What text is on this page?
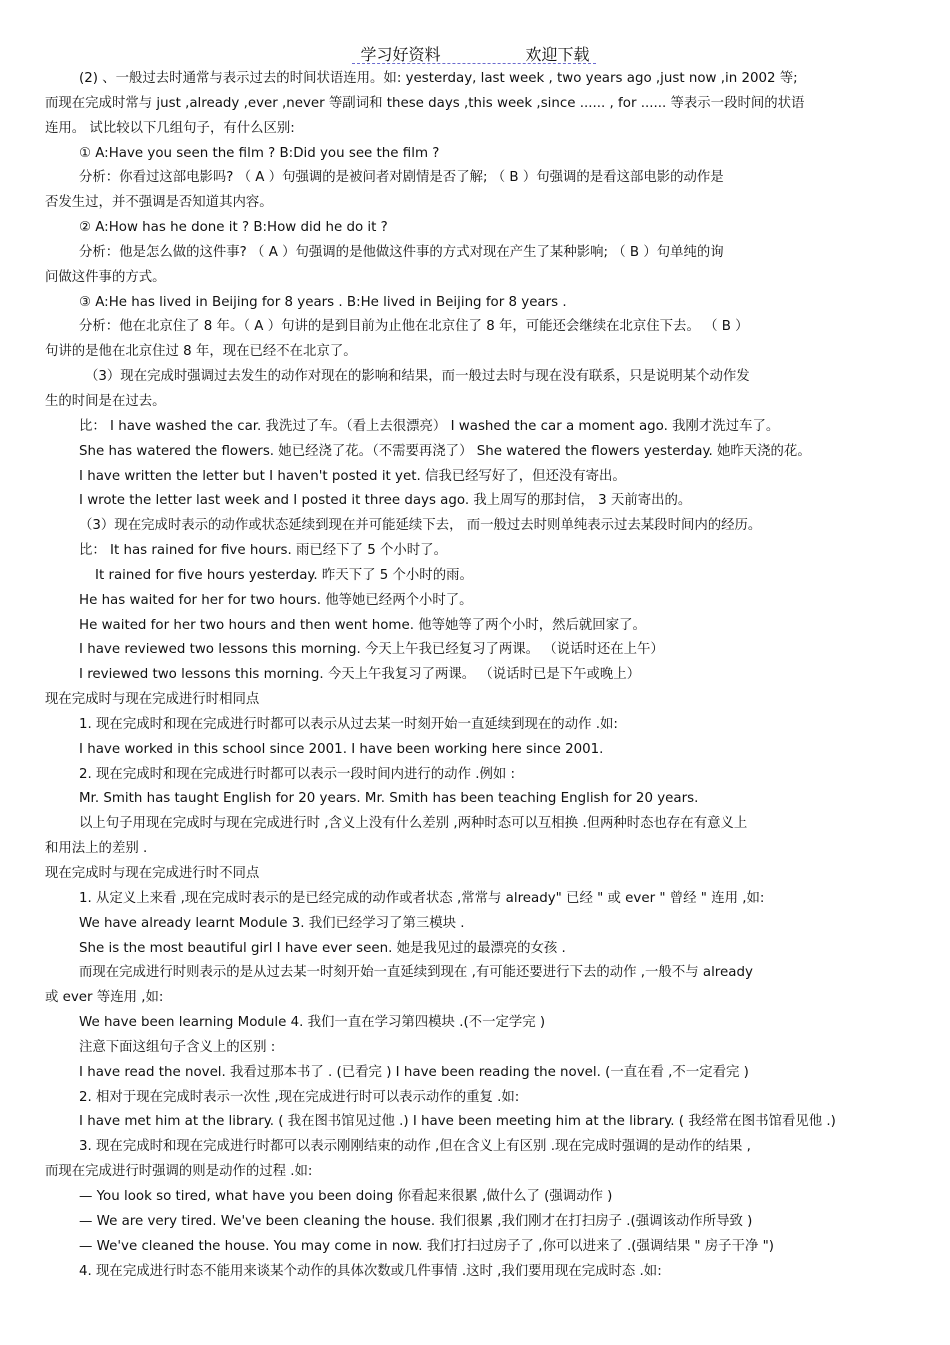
学习好资料	欢迎下载
(2) 、一般过去时通常与表示过去的时间状语连用。如: yesterday, last week , two years ago ,just now ,in 2002 等;
而现在完成时常与 just ,already ,ever ,never 等副词和 these days ,this week ,since ...... , for ...... 等表示一段时间的状语
连用。 试比较以下几组句子，有什么区别:
① A:Have you seen the film ? B:Did you see the film ?
分析：你看过这部电影吗? （ A ）句强调的是被问者对剧情是否了解; （ B ）句强调的是看这部电影的动作是
否发生过，并不强调是否知道其内容。
② A:How has he done it ? B:How did he do it ?
分析：他是怎么做的这件事? （ A ）句强调的是他做这件事的方式对现在产生了某种影响; （ B ）句单纯的询
问做这件事的方式。
③ A:He has lived in Beijing for 8 years . B:He lived in Beijing for 8 years .
分析：他在北京住了 8 年。（ A ）句讲的是到目前为止他在北京住了 8 年，可能还会继续在北京住下去。 （ B ）
句讲的是他在北京住过 8 年，现在已经不在北京了。
（3）现在完成时强调过去发生的动作对现在的影响和结果，而一般过去时与现在没有联系，只是说明某个动作发
生的时间是在过去。
比： I have washed the car. 我洗过了车。（看上去很漂亮） I washed the car a moment ago. 我刚才洗过车了。
She has watered the flowers. 她已经浇了花。（不需要再浇了） She watered the flowers yesterday. 她昨天浇的花。
I have written the letter but I haven't posted it yet. 信我已经写好了，但还没有寄出。
I wrote the letter last week and I posted it three days ago. 我上周写的那封信， 3 天前寄出的。
（3）现在完成时表示的动作或状态延续到现在并可能延续下去， 而一般过去时则单纯表示过去某段时间内的经历。
比： It has rained for five hours. 雨已经下了 5 个小时了。
It rained for five hours yesterday. 昨天下了 5 个小时的雨。
He has waited for her for two hours. 他等她已经两个小时了。
He waited for her two hours and then went home. 他等她等了两个小时，然后就回家了。
I have reviewed two lessons this morning. 今天上午我已经复习了两课。 （说话时还在上午）
I reviewed two lessons this morning. 今天上午我复习了两课。 （说话时已是下午或晚上）
现在完成时与现在完成进行时相同点
1. 现在完成时和现在完成进行时都可以表示从过去某一时刻开始一直延续到现在的动作 .如:
I have worked in this school since 2001. I have been working here since 2001.
2. 现在完成时和现在完成进行时都可以表示一段时间内进行的动作 .例如 :
Mr. Smith has taught English for 20 years. Mr. Smith has been teaching English for 20 years.
以上句子用现在完成时与现在完成进行时 ,含义上没有什么差别 ,两种时态可以互相换 .但两种时态也存在有意义上
和用法上的差别 .
现在完成时与现在完成进行时不同点
1. 从定义上来看 ,现在完成时表示的是已经完成的动作或者状态 ,常常与 already" 已经 " 或 ever " 曾经 " 连用 ,如:
We have already learnt Module 3. 我们已经学习了第三模块 .
She is the most beautiful girl I have ever seen. 她是我见过的最漂亮的女孩 .
而现在完成进行时则表示的是从过去某一时刻开始一直延续到现在 ,有可能还要进行下去的动作 ,一般不与 already
或 ever 等连用 ,如:
We have been learning Module 4. 我们一直在学习第四模块 .(不一定学完 )
注意下面这组句子含义上的区别 :
I have read the novel. 我看过那本书了 . (已看完 ) I have been reading the novel. (一直在看 ,不一定看完 )
2. 相对于现在完成时表示一次性 ,现在完成进行时可以表示动作的重复 .如:
I have met him at the library. ( 我在图书馆见过他 .) I have been meeting him at the library. ( 我经常在图书馆看见他 .)
3. 现在完成时和现在完成进行时都可以表示刚刚结束的动作 ,但在含义上有区别 .现在完成时强调的是动作的结果 ,
而现在完成进行时强调的则是动作的过程 .如:
— You look so tired, what have you been doing 你看起来很累 ,做什么了 (强调动作 )
— We are very tired. We've been cleaning the house. 我们很累 ,我们刚才在打扫房子 .(强调该动作所导致 )
— We've cleaned the house. You may come in now. 我们打扫过房子了 ,你可以进来了 .(强调结果 " 房子干净 ")
4. 现在完成进行时态不能用来谈某个动作的具体次数或几件事情 .这时 ,我们要用现在完成时态 .如:
